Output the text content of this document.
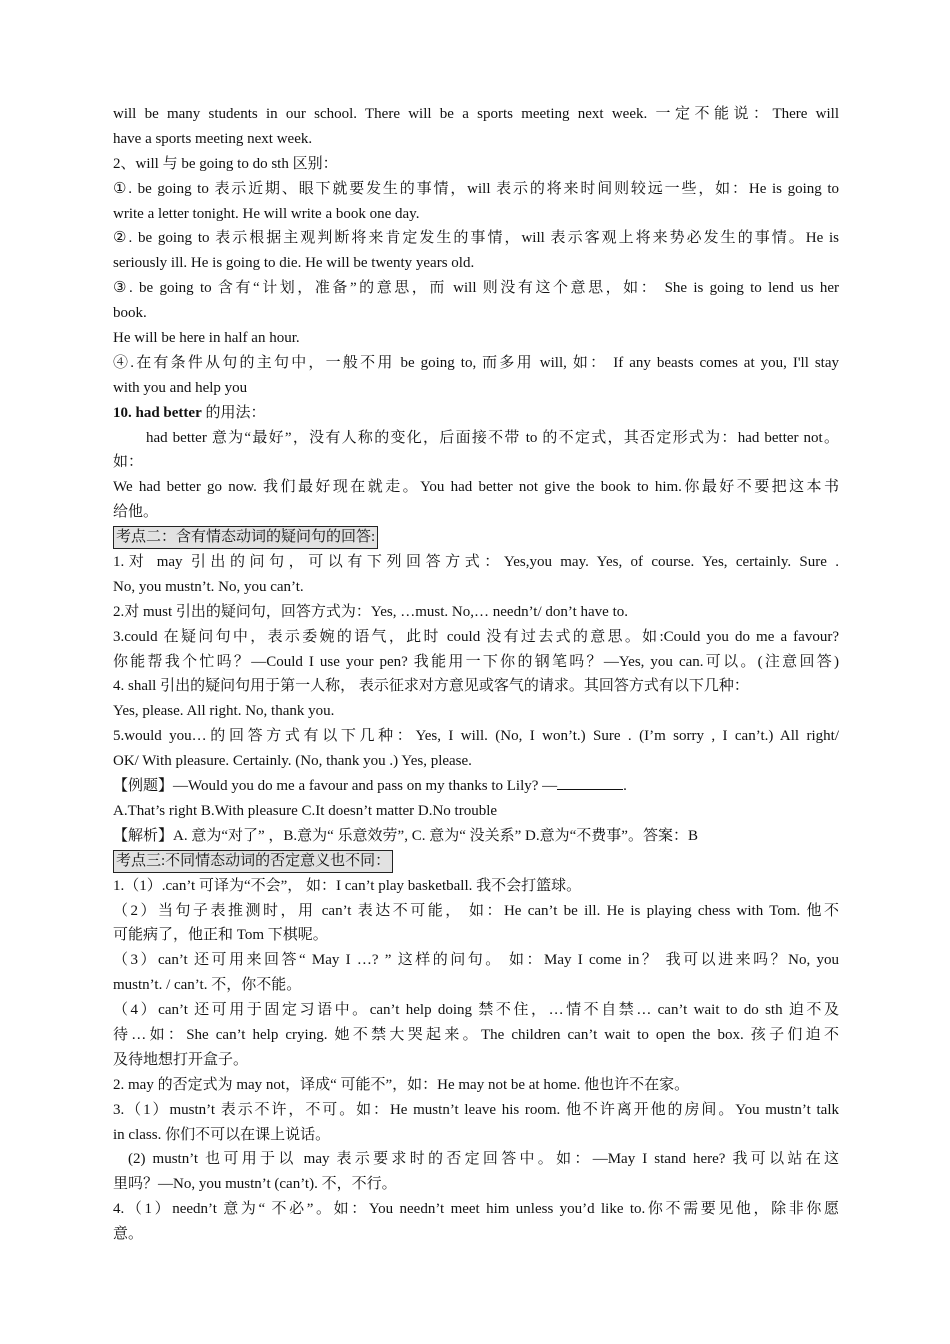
will be many students in our school. There will be a sports meeting next week. 一定不能说：There will
have a sports meeting next week.
2、will 与 be going to do sth 区别：
①. be going to 表示近期、眼下就要发生的事情，will 表示的将来时间则较远一些，如：He is going to
write a letter tonight. He will write a book one day.
②. be going to 表示根据主观判断将来肯定发生的事情，will 表示客观上将来势必发生的事情。He is
seriously ill. He is going to die. He will be twenty years old.
③. be going to 含有“计划，准备”的意思，而 will 则没有这个意思，如： She is going to lend us her
book.
He will be here in half an hour.
④.在有条件从句的主句中，一般不用 be going to, 而多用 will, 如： If any beasts comes at you, I'll stay
with you and help you
10. had better 的用法：
had better 意为“最好”，没有人称的变化，后面接不带 to 的不定式，其否定形式为：had better not。
如：
We had better go now. 我们最好现在就走。You had better not give the book to him.你最好不要把这本书
给他。
考点二：含有情态动词的疑问句的回答:
1.对 may 引出的问句，可以有下列回答方式：Yes,you may. Yes, of course. Yes, certainly. Sure .
No, you mustn’t. No, you can’t.
2.对 must 引出的疑问句，回答方式为：Yes, …must. No,… needn’t/ don’t have to.
3.could 在疑问句中，表示委婉的语气，此时 could 没有过去式的意思。如:Could you do me a favour?
你能帮我个忙吗？—Could I use your pen? 我能用一下你的钢笔吗？—Yes, you can.可以。(注意回答)
4. shall 引出的疑问句用于第一人称， 表示征求对方意见或客气的请求。其回答方式有以下几种：
Yes, please. All right. No, thank you.
5.would you…的回答方式有以下几种：Yes, I will. (No, I won’t.) Sure . (I’m sorry , I can’t.) All right/
OK/ With pleasure. Certainly. (No, thank you .) Yes, please.
【例题】—Would you do me a favour and pass on my thanks to Lily? —	.
A.That’s right B.With pleasure C.It doesn’t matter D.No trouble
【解析】A. 意为“对了” ，B.意为“ 乐意效劳”, C. 意为“ 没关系” D.意为“不费事”。答案：B
考点三:不同情态动词的否定意义也不同：
1.（1）.can’t 可译为“不会”， 如：I can’t play basketball. 我不会打篮球。
（2）当句子表推测时，用 can’t 表达不可能， 如：He can’t be ill. He is playing chess with Tom. 他不
可能病了，他正和 Tom 下棋呢。
（3）can’t 还可用来回答“ May I …? ” 这样的问句。 如：May I come in？ 我可以进来吗？No, you
mustn’t. / can’t. 不，你不能。
（4）can’t 还可用于固定习语中。can’t help doing 禁不住，…情不自禁… can’t wait to do sth 迫不及
待…如：She can’t help crying. 她不禁大哭起来。The children can’t wait to open the box. 孩子们迫不
及待地想打开盒子。
2. may 的否定式为 may not，译成“ 可能不”，如：He may not be at home. 他也许不在家。
3.（1）mustn’t 表示不许，不可。如：He mustn’t leave his room. 他不许离开他的房间。You mustn’t talk
in class. 你们不可以在课上说话。
(2) mustn’t 也可用于以 may 表示要求时的否定回答中。如：—May I stand here? 我可以站在这
里吗？—No, you mustn’t (can’t). 不，不行。
4.（1）needn’t 意为“ 不必”。如：You needn’t meet him unless you’d like to.你不需要见他，除非你愿
意。
